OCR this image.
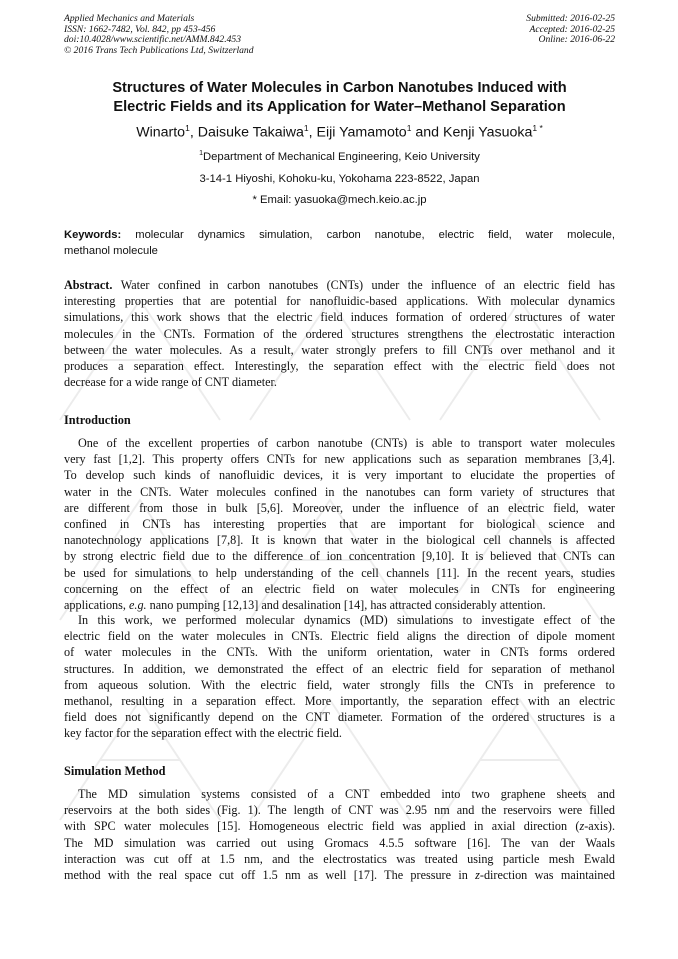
Applied Mechanics and Materials
ISSN: 1662-7482, Vol. 842, pp 453-456
doi:10.4028/www.scientific.net/AMM.842.453
© 2016 Trans Tech Publications Ltd, Switzerland
Submitted: 2016-02-25
Accepted: 2016-02-25
Online: 2016-06-22
Structures of Water Molecules in Carbon Nanotubes Induced with
Electric Fields and its Application for Water–Methanol Separation
Winarto$^1$, Daisuke Takaiwa$^1$, Eiji Yamamoto$^1$ and Kenji Yasuoka$^{1 *}$
$^1$Department of Mechanical Engineering, Keio University
3-14-1 Hiyoshi, Kohoku-ku, Yokohama 223-8522, Japan
* Email: yasuoka@mech.keio.ac.jp
Keywords: molecular dynamics simulation, carbon nanotube, electric field, water molecule,
methanol molecule
Abstract. Water confined in carbon nanotubes (CNTs) under the influence of an electric field has
interesting properties that are potential for nanofluidic-based applications. With molecular dynamics
simulations, this work shows that the electric field induces formation of ordered structures of water
molecules in the CNTs. Formation of the ordered structures strengthens the electrostatic interaction
between the water molecules. As a result, water strongly prefers to fill CNTs over methanol and it
produces a separation effect. Interestingly, the separation effect with the electric field does not
decrease for a wide range of CNT diameter.
Introduction
One of the excellent properties of carbon nanotube (CNTs) is able to transport water molecules
very fast [1,2]. This property offers CNTs for new applications such as separation membranes [3,4].
To develop such kinds of nanofluidic devices, it is very important to elucidate the properties of
water in the CNTs. Water molecules confined in the nanotubes can form variety of structures that
are different from those in bulk [5,6]. Moreover, under the influence of an electric field, water
confined in CNTs has interesting properties that are important for biological science and
nanotechnology applications [7,8]. It is known that water in the biological cell channels is affected
by strong electric field due to the difference of ion concentration [9,10]. It is believed that CNTs can
be used for simulations to help understanding of the cell channels [11]. In the recent years, studies
concerning on the effect of an electric field on water molecules in CNTs for engineering
applications, e.g. nano pumping [12,13] and desalination [14], has attracted considerably attention.
In this work, we performed molecular dynamics (MD) simulations to investigate effect of the
electric field on the water molecules in CNTs. Electric field aligns the direction of dipole moment
of water molecules in the CNTs. With the uniform orientation, water in CNTs forms ordered
structures. In addition, we demonstrated the effect of an electric field for separation of methanol
from aqueous solution. With the electric field, water strongly fills the CNTs in preference to
methanol, resulting in a separation effect. More importantly, the separation effect with an electric
field does not significantly depend on the CNT diameter. Formation of the ordered structures is a
key factor for the separation effect with the electric field.
Simulation Method
The MD simulation systems consisted of a CNT embedded into two graphene sheets and
reservoirs at the both sides (Fig. 1). The length of CNT was 2.95 nm and the reservoirs were filled
with SPC water molecules [15]. Homogeneous electric field was applied in axial direction (z-axis).
The MD simulation was carried out using Gromacs 4.5.5 software [16]. The van der Waals
interaction was cut off at 1.5 nm, and the electrostatics was treated using particle mesh Ewald
method with the real space cut off 1.5 nm as well [17]. The pressure in z-direction was maintained
